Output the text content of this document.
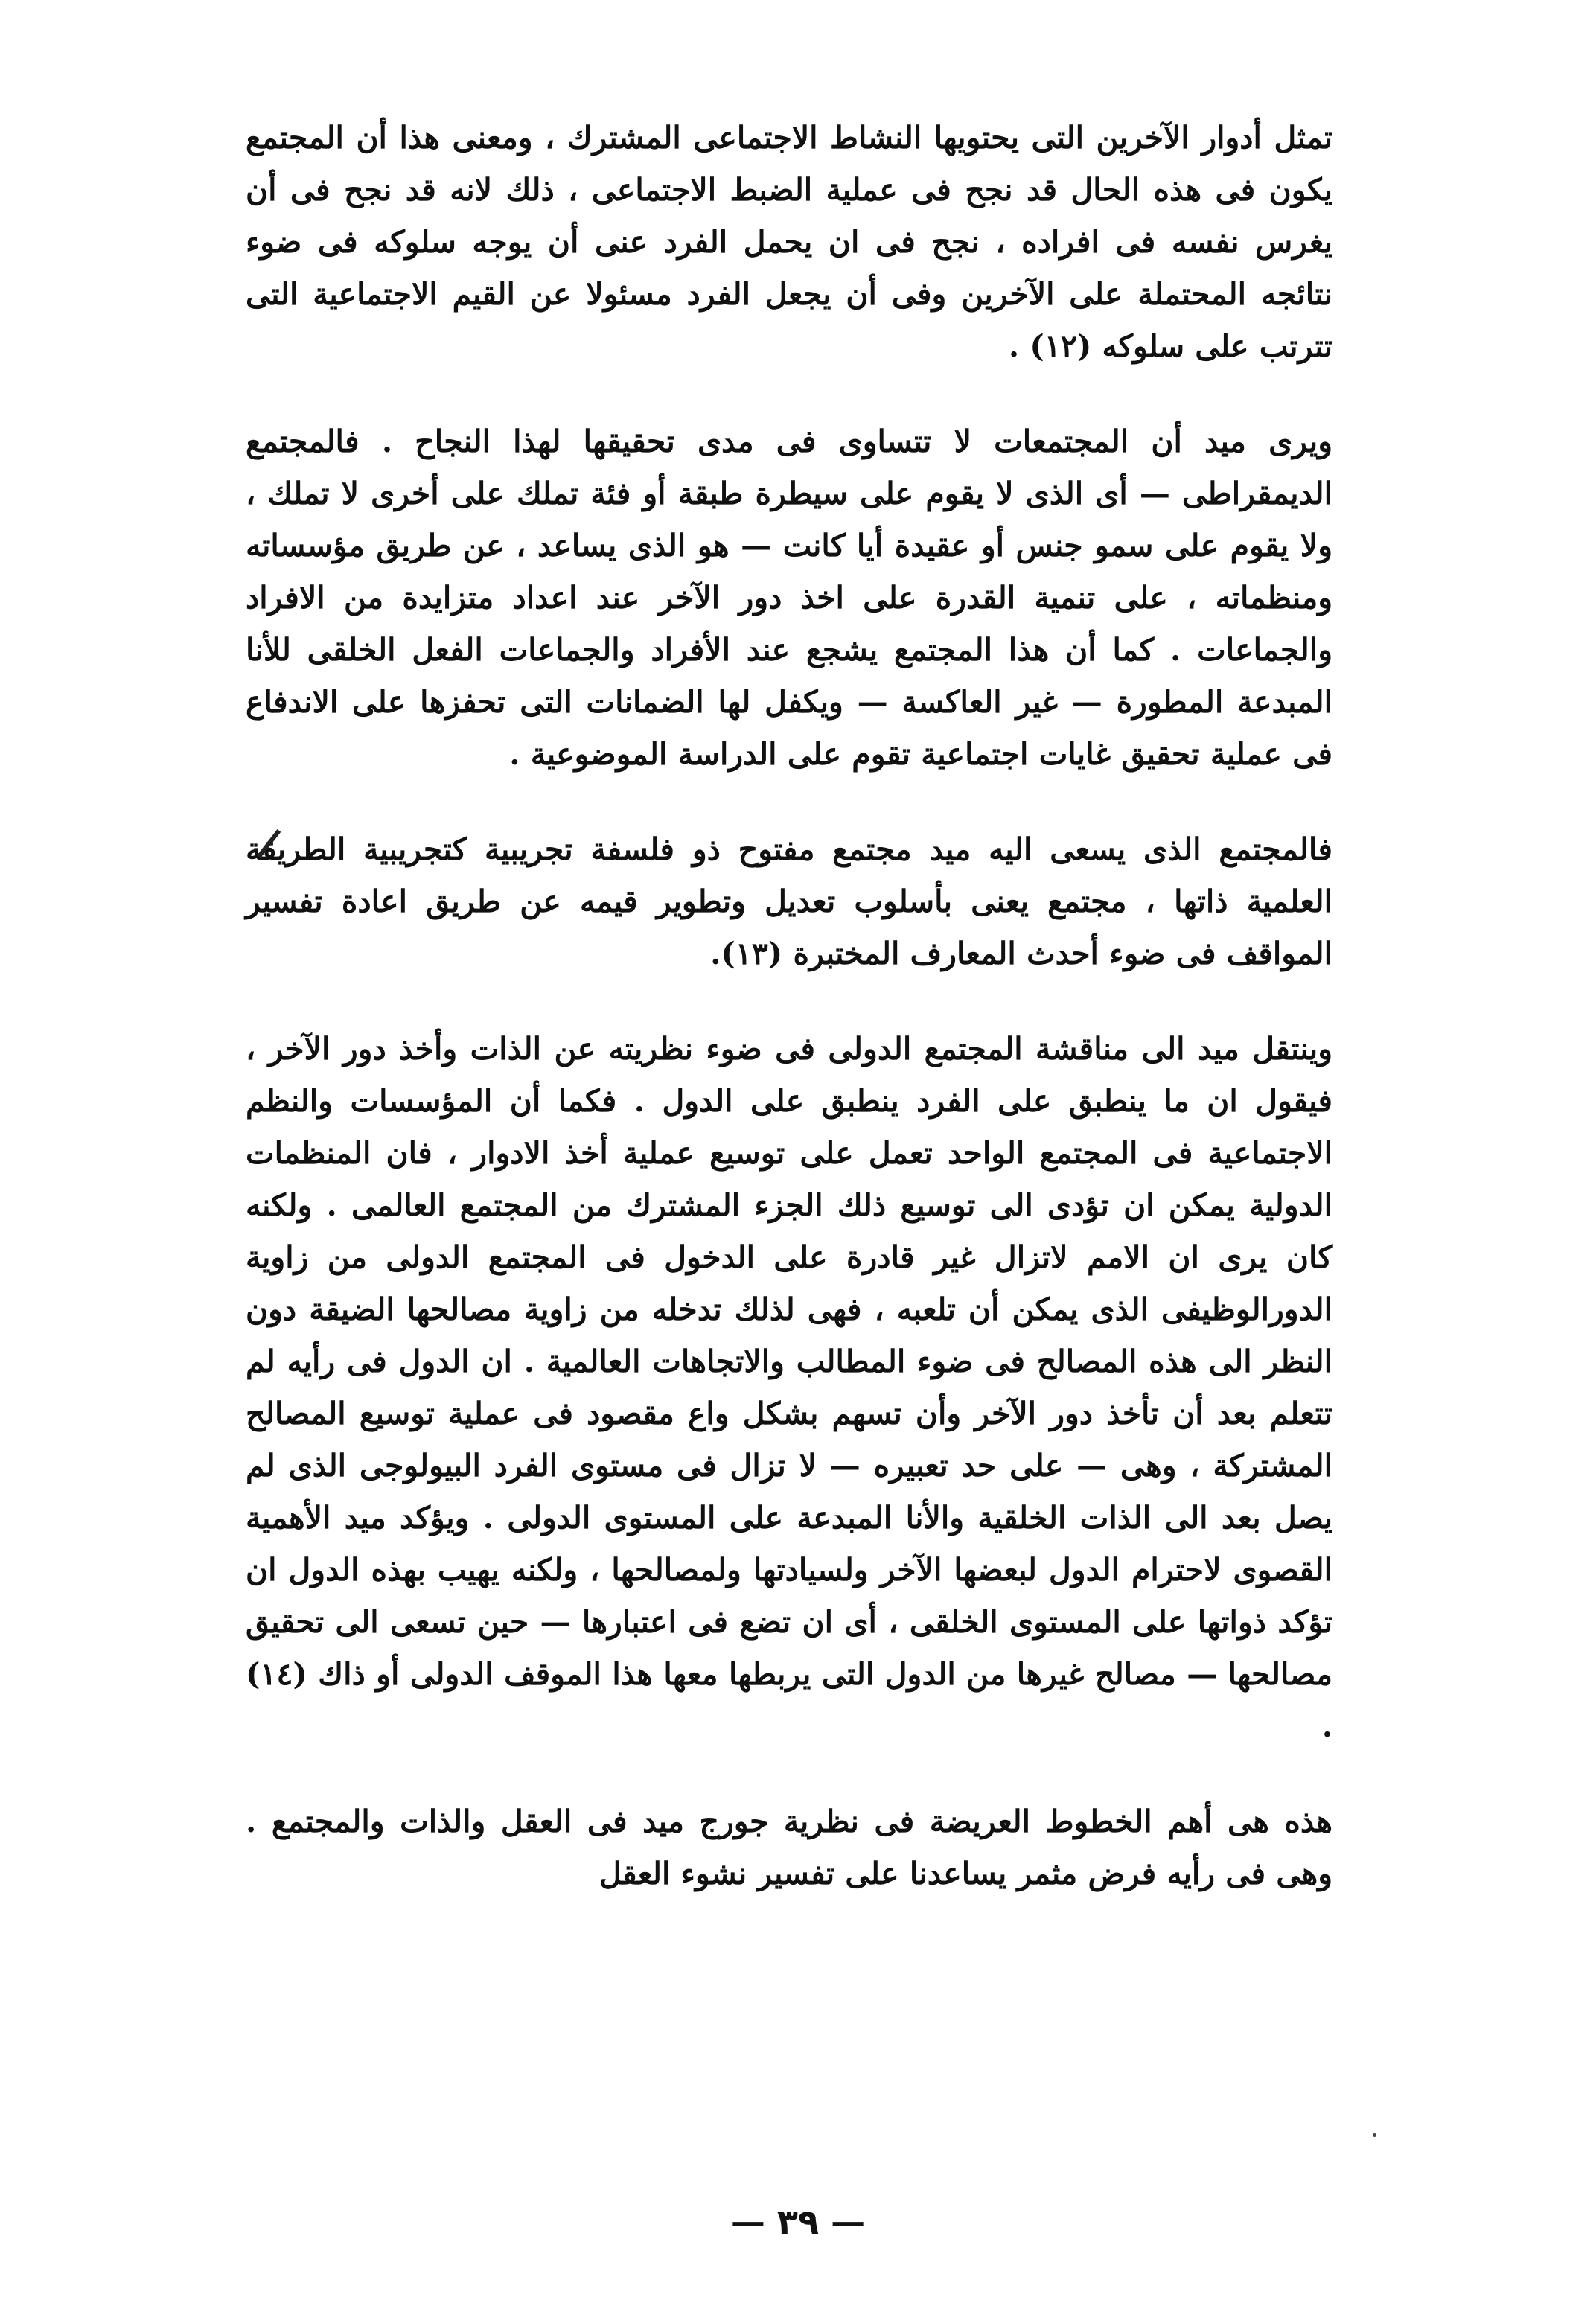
تمثل أدوار الآخرين التى يحتويها النشاط الاجتماعى المشترك ، ومعنى هذا أن المجتمع يكون فى هذه الحال قد نجح فى عملية الضبط الاجتماعى ، ذلك لانه قد نجح فى أن يغرس نفسه فى افراده ، نجح فى ان يحمل الفرد عنى أن يوجه سلوكه فى ضوء نتائجه المحتملة على الآخرين وفى أن يجعل الفرد مسئولا عن القيم الاجتماعية التى تترتب على سلوكه (١٢) .

ويرى ميد أن المجتمعات لا تتساوى فى مدى تحقيقها لهذا النجاح . فالمجتمع الديمقراطى — أى الذى لا يقوم على سيطرة طبقة أو فئة تملك على أخرى لا تملك ، ولا يقوم على سمو جنس أو عقيدة أيا كانت — هو الذى يساعد ، عن طريق مؤسساته ومنظماته ، على تنمية القدرة على اخذ دور الآخر عند اعداد متزايدة من الافراد والجماعات . كما أن هذا المجتمع يشجع عند الأفراد والجماعات الفعل الخلقى للأنا المبدعة المطورة — غير العاكسة — ويكفل لها الضمانات التى تحفزها على الاندفاع فى عملية تحقيق غايات اجتماعية تقوم على الدراسة الموضوعية .

فالمجتمع الذى يسعى اليه ميد مجتمع مفتوح ذو فلسفة تجريبية كتجريبية الطريقة العلمية ذاتها ، مجتمع يعنى بأسلوب تعديل وتطوير قيمه عن طريق اعادة تفسير المواقف فى ضوء أحدث المعارف المختبرة (١٣).

وينتقل ميد الى مناقشة المجتمع الدولى فى ضوء نظريته عن الذات وأخذ دور الآخر ، فيقول ان ما ينطبق على الفرد ينطبق على الدول . فكما أن المؤسسات والنظم الاجتماعية فى المجتمع الواحد تعمل على توسيع عملية أخذ الادوار ، فان المنظمات الدولية يمكن ان تؤدى الى توسيع ذلك الجزء المشترك من المجتمع العالمى . ولكنه كان يرى ان الامم لاتزال غير قادرة على الدخول فى المجتمع الدولى من زاوية الدورالوظيفى الذى يمكن أن تلعبه ، فهى لذلك تدخله من زاوية مصالحها الضيقة دون النظر الى هذه المصالح فى ضوء المطالب والاتجاهات العالمية . ان الدول فى رأيه لم تتعلم بعد أن تأخذ دور الآخر وأن تسهم بشكل واع مقصود فى عملية توسيع المصالح المشتركة ، وهى — على حد تعبيره — لا تزال فى مستوى الفرد البيولوجى الذى لم يصل بعد الى الذات الخلقية والأنا المبدعة على المستوى الدولى . ويؤكد ميد الأهمية القصوى لاحترام الدول لبعضها الآخر ولسيادتها ولمصالحها ، ولكنه يهيب بهذه الدول ان تؤكد ذواتها على المستوى الخلقى ، أى ان تضع فى اعتبارها — حين تسعى الى تحقيق مصالحها — مصالح غيرها من الدول التى يربطها معها هذا الموقف الدولى أو ذاك (١٤) .

هذه هى أهم الخطوط العريضة فى نظرية جورج ميد فى العقل والذات والمجتمع . وهى فى رأيه فرض مثمر يساعدنا على تفسير نشوء العقل

— ٣٩ —
